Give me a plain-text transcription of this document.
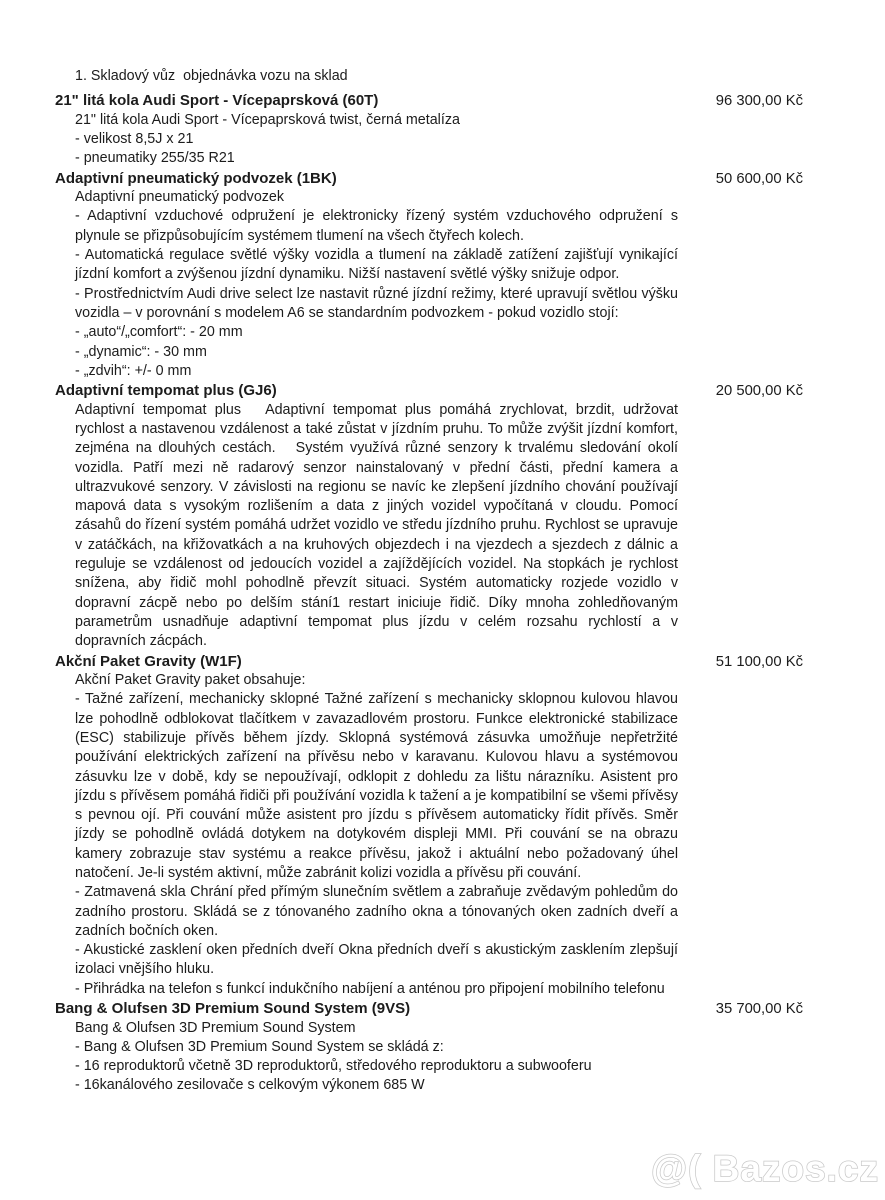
1. Skladový vůz  objednávka vozu na sklad
21" litá kola Audi Sport - Vícepaprsková (60T)	96 300,00 Kč

21" litá kola Audi Sport - Vícepaprsková twist, černá metalíza

- velikost 8,5J x 21

- pneumatiky 255/35 R21

Adaptivní pneumatický podvozek (1BK)	50 600,00 Kč

Adaptivní pneumatický podvozek

- Adaptivní vzduchové odpružení je elektronicky řízený systém vzduchového odpružení s plynule se přizpůsobujícím systémem tlumení na všech čtyřech kolech.

- Automatická regulace světlé výšky vozidla a tlumení na základě zatížení zajišťují vynikající jízdní komfort a zvýšenou jízdní dynamiku. Nižší nastavení světlé výšky snižuje odpor.

- Prostřednictvím Audi drive select lze nastavit různé jízdní režimy, které upravují světlou výšku vozidla – v porovnání s modelem A6 se standardním podvozkem - pokud vozidlo stojí:

- „auto“/„comfort“: - 20 mm

- „dynamic“: - 30 mm

- „zdvih“: +/- 0 mm

Adaptivní tempomat plus (GJ6)	20 500,00 Kč

Adaptivní tempomat plus   Adaptivní tempomat plus pomáhá zrychlovat, brzdit, udržovat rychlost a nastavenou vzdálenost a také zůstat v jízdním pruhu. To může zvýšit jízdní komfort, zejména na dlouhých cestách.   Systém využívá různé senzory k trvalému sledování okolí vozidla. Patří mezi ně radarový senzor nainstalovaný v přední části, přední kamera a ultrazvukové senzory. V závislosti na regionu se navíc ke zlepšení jízdního chování používají mapová data s vysokým rozlišením a data z jiných vozidel vypočítaná v cloudu. Pomocí zásahů do řízení systém pomáhá udržet vozidlo ve středu jízdního pruhu. Rychlost se upravuje v zatáčkách, na křižovatkách a na kruhových objezdech i na vjezdech a sjezdech z dálnic a reguluje se vzdálenost od jedoucích vozidel a zajíždějících vozidel. Na stopkách je rychlost snížena, aby řidič mohl pohodlně převzít situaci. Systém automaticky rozjede vozidlo v dopravní zácpě nebo po delším stání1 restart iniciuje řidič. Díky mnoha zohledňovaným parametrům usnadňuje adaptivní tempomat plus jízdu v celém rozsahu rychlostí a v dopravních zácpách.

Akční Paket Gravity (W1F)	51 100,00 Kč

Akční Paket Gravity paket obsahuje:

- Tažné zařízení, mechanicky sklopné Tažné zařízení s mechanicky sklopnou kulovou hlavou lze pohodlně odblokovat tlačítkem v zavazadlovém prostoru. Funkce elektronické stabilizace (ESC) stabilizuje přívěs během jízdy. Sklopná systémová zásuvka umožňuje nepřetržité používání elektrických zařízení na přívěsu nebo v karavanu. Kulovou hlavu a systémovou zásuvku lze v době, kdy se nepoužívají, odklopit z dohledu za lištu nárazníku. Asistent pro jízdu s přívěsem pomáhá řidiči při používání vozidla k tažení a je kompatibilní se všemi přívěsy s pevnou ojí. Při couvání může asistent pro jízdu s přívěsem automaticky řídit přívěs. Směr jízdy se pohodlně ovládá dotykem na dotykovém displeji MMI. Při couvání se na obrazu kamery zobrazuje stav systému a reakce přívěsu, jakož i aktuální nebo požadovaný úhel natočení. Je-li systém aktivní, může zabránit kolizi vozidla a přívěsu při couvání.

- Zatmavená skla Chrání před přímým slunečním světlem a zabraňuje zvědavým pohledům do zadního prostoru. Skládá se z tónovaného zadního okna a tónovaných oken zadních dveří a zadních bočních oken.

- Akustické zasklení oken předních dveří Okna předních dveří s akustickým zasklením zlepšují izolaci vnějšího hluku.

- Přihrádka na telefon s funkcí indukčního nabíjení a anténou pro připojení mobilního telefonu

Bang & Olufsen 3D Premium Sound System (9VS)	35 700,00 Kč

Bang & Olufsen 3D Premium Sound System

- Bang & Olufsen 3D Premium Sound System se skládá z:

- 16 reproduktorů včetně 3D reproduktorů, středového reproduktoru a subwooferu

- 16kanálového zesilovače s celkovým výkonem 685 W

@( Bazos.cz
